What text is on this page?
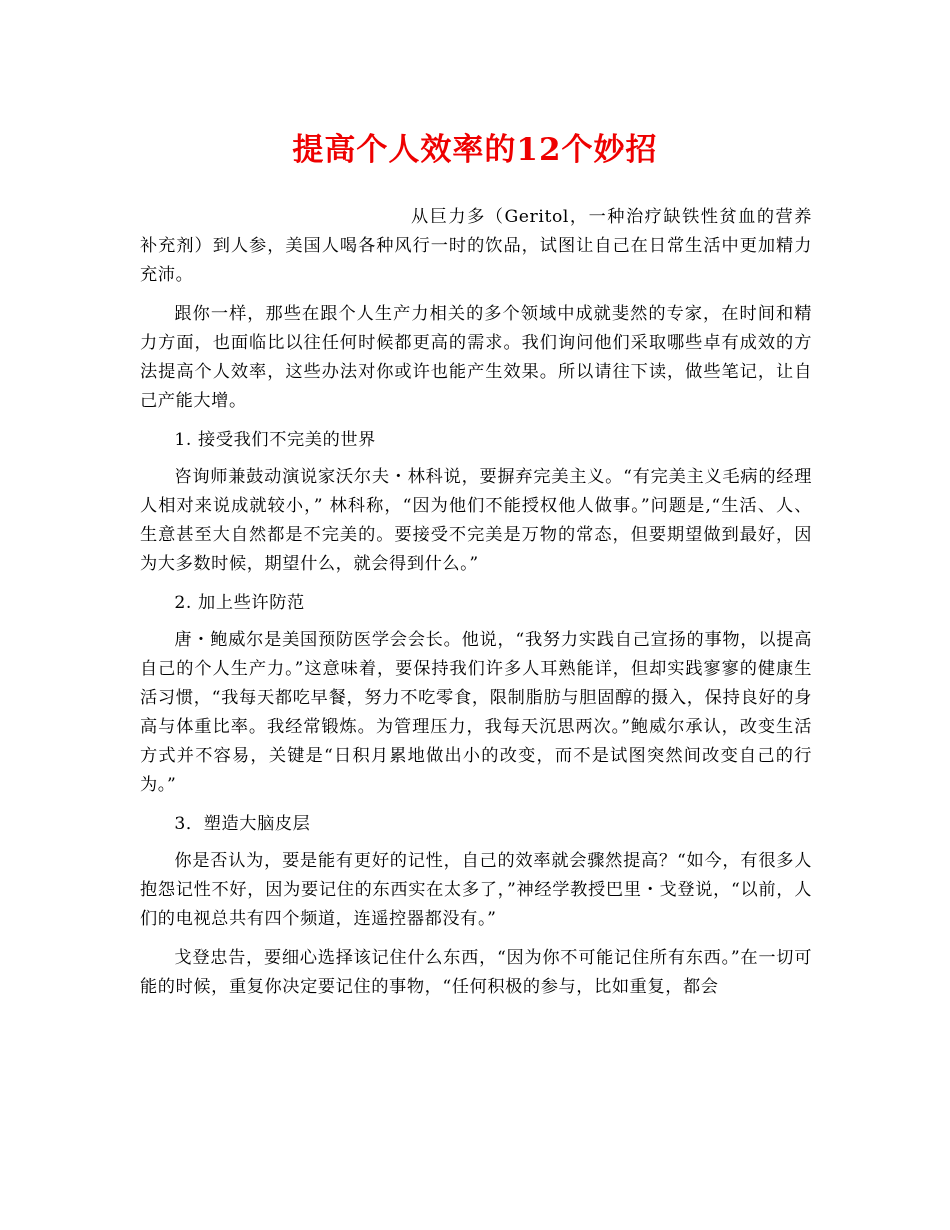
提高个人效率的12个妙招

从巨力多（Geritol，一种治疗缺铁性贫血的营养补充剂）到人参，美国人喝各种风行一时的饮品，试图让自己在日常生活中更加精力充沛。

跟你一样，那些在跟个人生产力相关的多个领域中成就斐然的专家，在时间和精力方面，也面临比以往任何时候都更高的需求。我们询问他们采取哪些卓有成效的方法提高个人效率，这些办法对你或许也能产生效果。所以请往下读，做些笔记，让自己产能大增。

1. 接受我们不完美的世界

咨询师兼鼓动演说家沃尔夫・林科说，要摒弃完美主义。“有完美主义毛病的经理人相对来说成就较小，” 林科称，“因为他们不能授权他人做事。”问题是,“生活、人、生意甚至大自然都是不完美的。要接受不完美是万物的常态，但要期望做到最好，因为大多数时候，期望什么，就会得到什么。”

2. 加上些许防范

唐・鲍威尔是美国预防医学会会长。他说，“我努力实践自己宣扬的事物，以提高自己的个人生产力。”这意味着，要保持我们许多人耳熟能详，但却实践寥寥的健康生活习惯，“我每天都吃早餐，努力不吃零食，限制脂肪与胆固醇的摄入，保持良好的身高与体重比率。我经常锻炼。为管理压力，我每天沉思两次。”鲍威尔承认，改变生活方式并不容易，关键是“日积月累地做出小的改变，而不是试图突然间改变自己的行为。”

3．塑造大脑皮层

你是否认为，要是能有更好的记性，自己的效率就会骤然提高？“如今，有很多人抱怨记性不好，因为要记住的东西实在太多了，”神经学教授巴里・戈登说，“以前，人们的电视总共有四个频道，连遥控器都没有。”

戈登忠告，要细心选择该记住什么东西，“因为你不可能记住所有东西。”在一切可能的时候，重复你决定要记住的事物，“任何积极的参与，比如重复，都会
